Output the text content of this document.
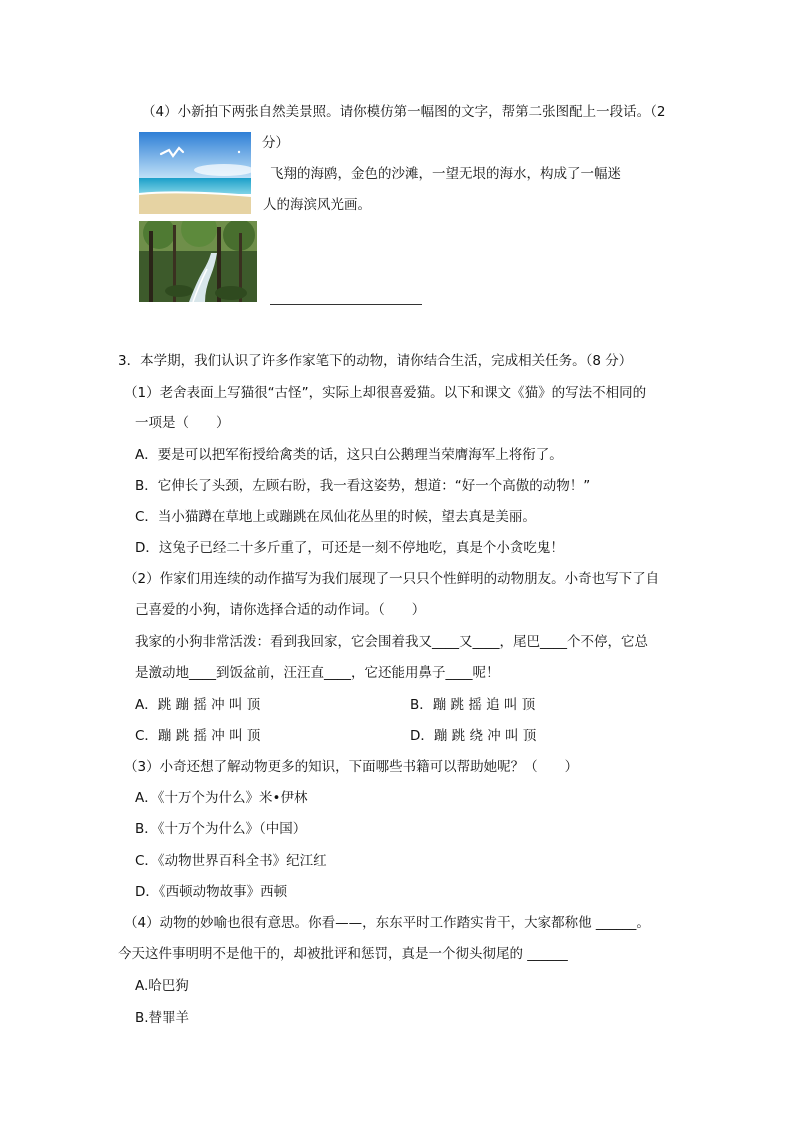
（4）小新拍下两张自然美景照。请你模仿第一幅图的文字，帮第二张图配上一段话。（2
分）
飞翔的海鸥，金色的沙滩，一望无垠的海水，构成了一幅迷
人的海滨风光画。
3．本学期，我们认识了许多作家笔下的动物，请你结合生活，完成相关任务。（8 分）
（1）老舍表面上写猫很“古怪”，实际上却很喜爱猫。以下和课文《猫》的写法不相同的
一项是（　　）
A．要是可以把军衔授给禽类的话，这只白公鹅理当荣膺海军上将衔了。
B．它伸长了头颈，左顾右盼，我一看这姿势，想道：“好一个高傲的动物！”
C．当小猫蹲在草地上或蹦跳在凤仙花丛里的时候，望去真是美丽。
D．这兔子已经二十多斤重了，可还是一刻不停地吃，真是个小贪吃鬼！
（2）作家们用连续的动作描写为我们展现了一只只个性鲜明的动物朋友。小奇也写下了自
己喜爱的小狗，请你选择合适的动作词。（　　）
我家的小狗非常活泼：看到我回家，它会围着我又____又____，尾巴____个不停，它总
是激动地____到饭盆前，汪汪直____，它还能用鼻子____呢！
A．跳 蹦 摇 冲 叫 顶	B．蹦 跳 摇 追 叫 顶
C．蹦 跳 摇 冲 叫 顶	D．蹦 跳 绕 冲 叫 顶
（3）小奇还想了解动物更多的知识，下面哪些书籍可以帮助她呢？（　　）
A．《十万个为什么》米•伊林
B．《十万个为什么》（中国）
C．《动物世界百科全书》纪江红
D．《西顿动物故事》西顿
（4）动物的妙喻也很有意思。你看——，东东平时工作踏实肯干，大家都称他 ______。
今天这件事明明不是他干的，却被批评和惩罚，真是一个彻头彻尾的 ______
A.哈巴狗
B.替罪羊
